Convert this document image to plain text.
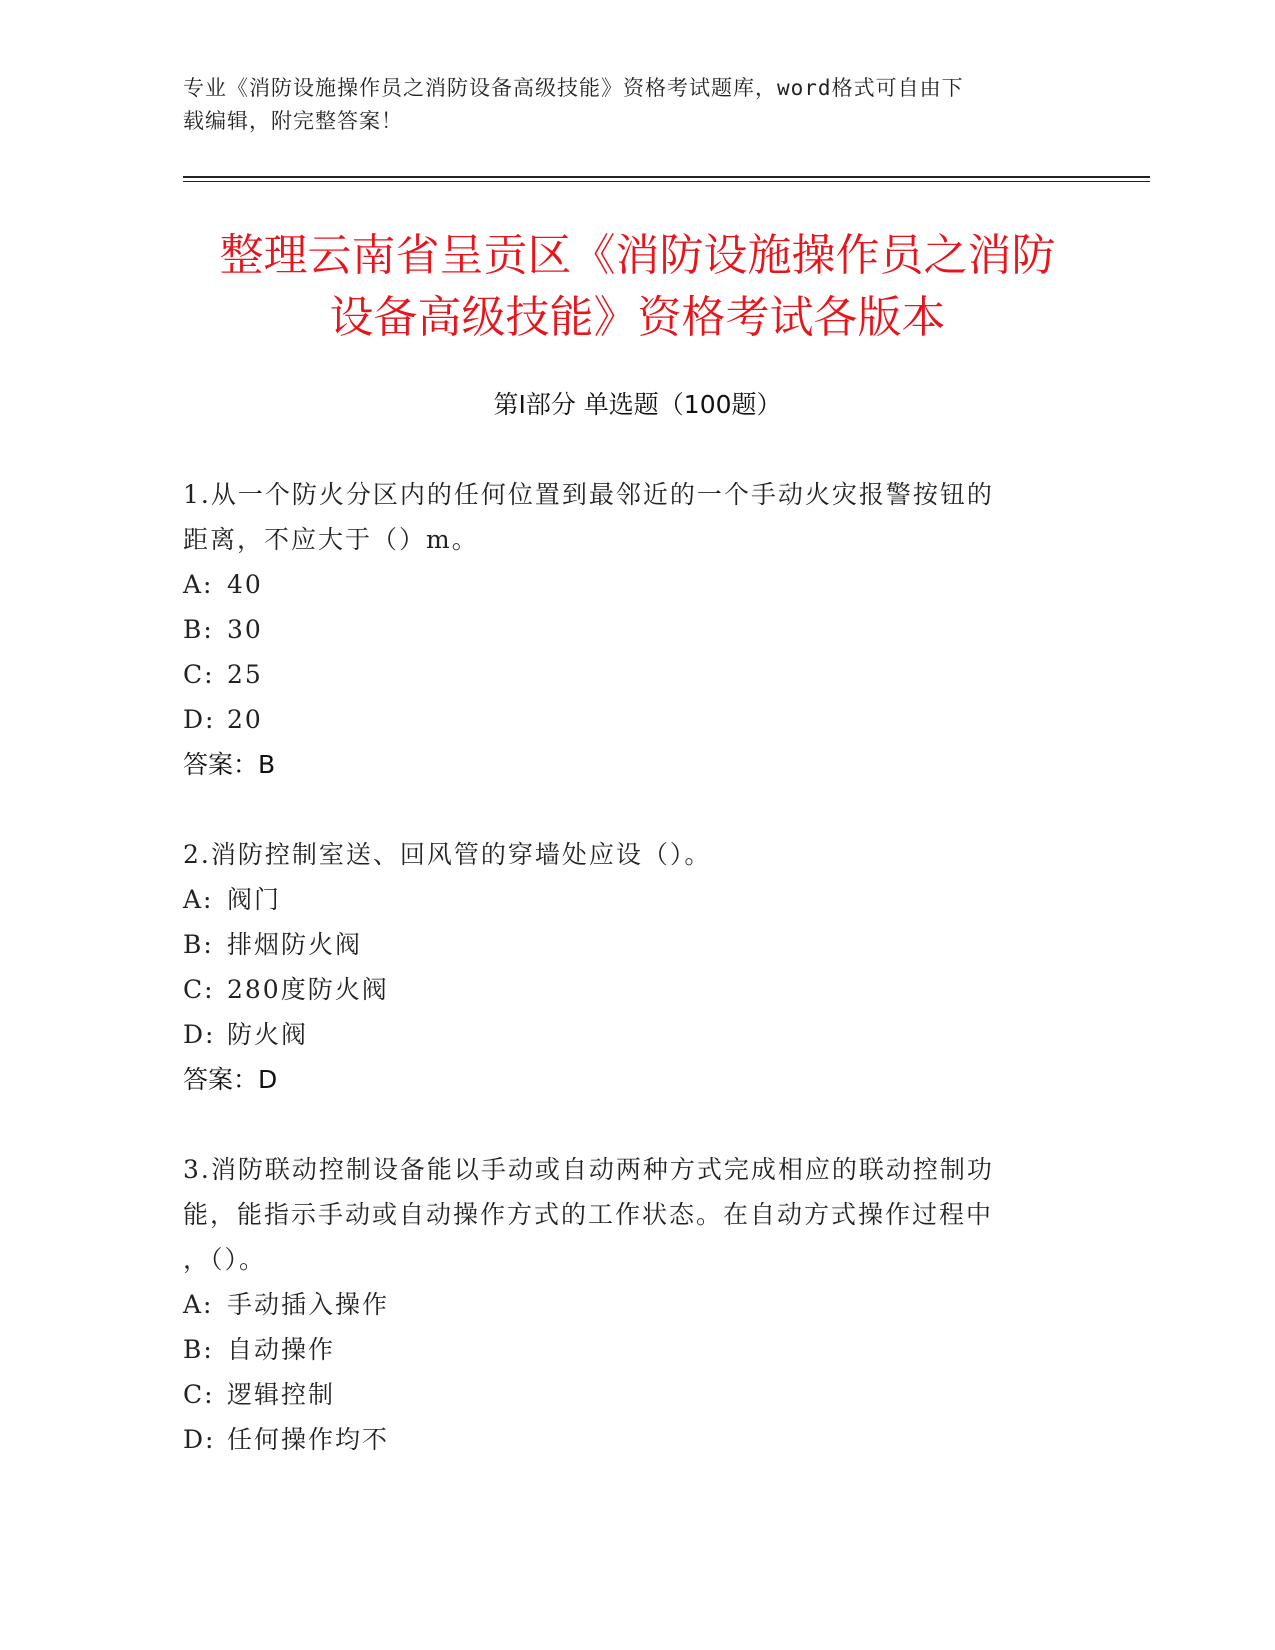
专业《消防设施操作员之消防设备高级技能》资格考试题库，word格式可自由下
载编辑，附完整答案！
整理云南省呈贡区《消防设施操作员之消防
设备高级技能》资格考试各版本
第Ⅰ部分 单选题（100题）

1.从一个防火分区内的任何位置到最邻近的一个手动火灾报警按钮的

距离，不应大于（）m。

A: 40
B: 30
C: 25
D: 20

答案：B

2.消防控制室送、回风管的穿墙处应设（）。

A: 阀门
B: 排烟防火阀
C: 280度防火阀
D: 防火阀

答案：D

3.消防联动控制设备能以手动或自动两种方式完成相应的联动控制功

能，能指示手动或自动操作方式的工作状态。在自动方式操作过程中

，（）。

A: 手动插入操作
B: 自动操作
C: 逻辑控制
D: 任何操作均不
